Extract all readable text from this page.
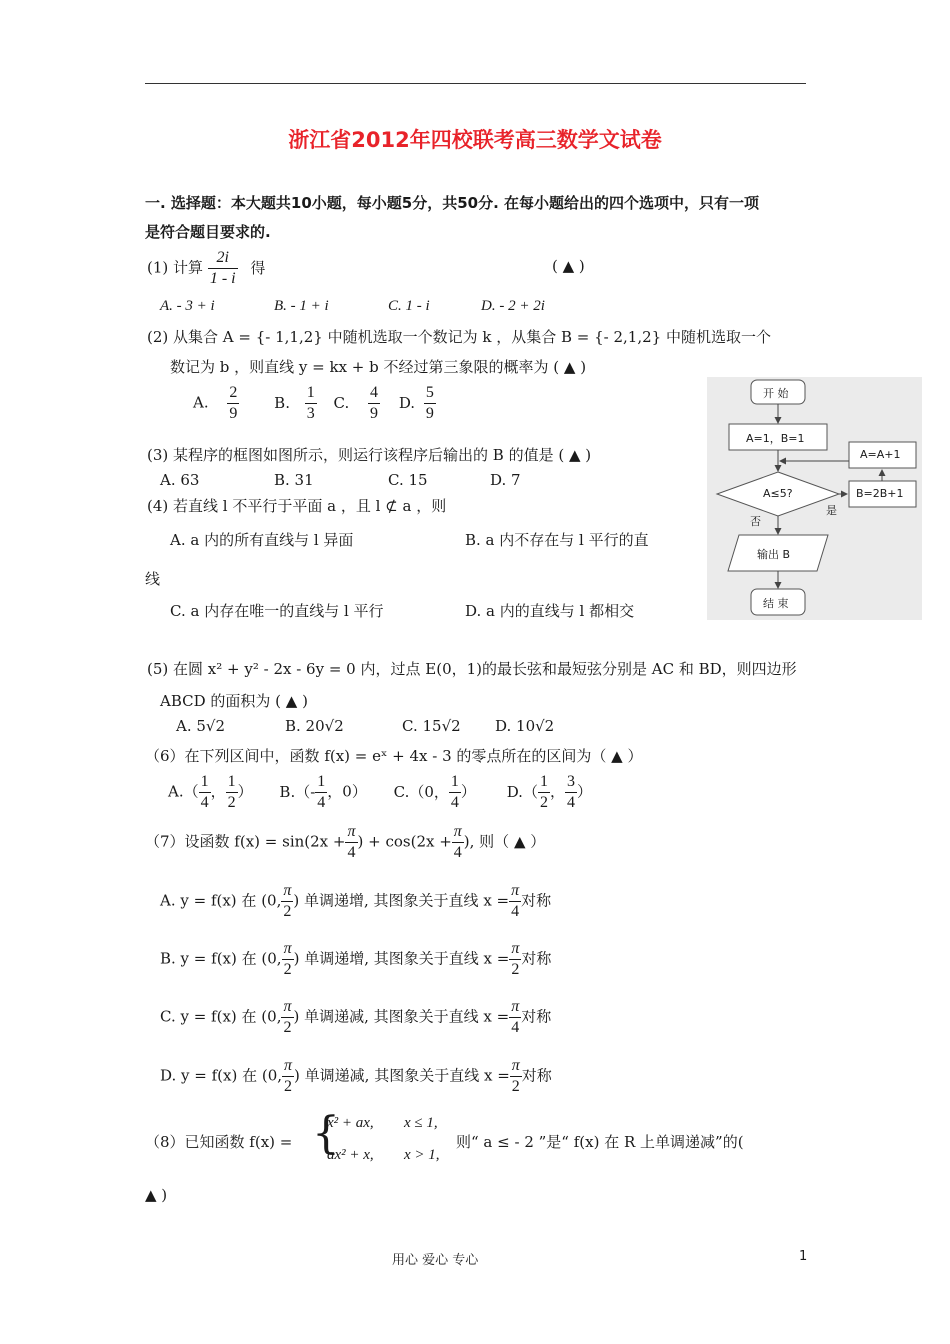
浙江省2012年四校联考高三数学文试卷
一. 选择题：本大题共10小题，每小题5分，共50分. 在每小题给出的四个选项中，只有一项
是符合题目要求的.
(1) 计算 $\frac{2i}{1 - i}$ 得	( ▲ )
A. - 3 + i	B. - 1 + i	C. 1 - i	D. - 2 + 2i
(2) 从集合 A = {- 1,1,2} 中随机选取一个数记为 k ，从集合 B = {- 2,1,2} 中随机选取一个
数记为 b ，则直线 y = kx + b 不经过第三象限的概率为 ( ▲ )
A. $\frac{2}{9} B$. $\frac{1}{3} C$. $\frac{4}{9} D$. $\frac{5}{9}$
(3) 某程序的框图如图所示，则运行该程序后输出的 B 的值是 ( ▲ )
A. 63	B. 31	C. 15	D. 7
(4) 若直线 l 不平行于平面 a ，且 l ⊄ a ，则
A. a 内的所有直线与 l 异面	B. a 内不存在与 l 平行的直
线
C. a 内存在唯一的直线与 l 平行	D. a 内的直线与 l 都相交
开 始
A=1，B=1
A≤5?
否
是
B=2B+1
A=A+1
输出 B
结 束
(5) 在圆 x² + y² - 2x - 6y = 0 内，过点 E(0，1)的最长弦和最短弦分别是 AC 和 BD，则四边形
ABCD 的面积为 ( ▲ )
A. 5√2	B. 20√2	C. 15√2 D. 10√2
（6）在下列区间中，函数 f(x) = eˣ + 4x - 3 的零点所在的区间为（ ▲ ）
$A.( \frac{1}{4}$ ， $\frac{1}{2}$ ） $B.(- \frac{1}{4}$ ，0） C.（0， $\frac{1}{4}$ ） $D.( \frac{1}{2}$ ， $\frac{3}{4}$ ）
（7）设函数 $f(x) = \sin(2x + \frac{\pi}{4}$ ) + $\cos(2x + \frac{\pi}{4}$ ), 则（ ▲ ）
A. y = f(x) 在 (0, $\frac{\pi}{2}$ ) 单调递增, 其图象关于直线 $x = \frac{\pi}{4}$ 对称
B. y = f(x) 在 (0, $\frac{\pi}{2}$ ) 单调递增, 其图象关于直线 $x = \frac{\pi}{2}$ 对称
C. y = f(x) 在 (0, $\frac{\pi}{2}$ ) 单调递减, 其图象关于直线 $x = \frac{\pi}{4}$ 对称
D. y = f(x) 在 (0, $\frac{\pi}{2}$ ) 单调递减, 其图象关于直线 $x = \frac{\pi}{2}$ 对称
（8）已知函数 f(x) = {
x² + ax, x ≤ 1,
ax² + x, x > 1,
则“ a ≤ - 2 ”是“ f(x) 在 R 上单调递减”的(
▲ )
用心 爱心 专心	1
